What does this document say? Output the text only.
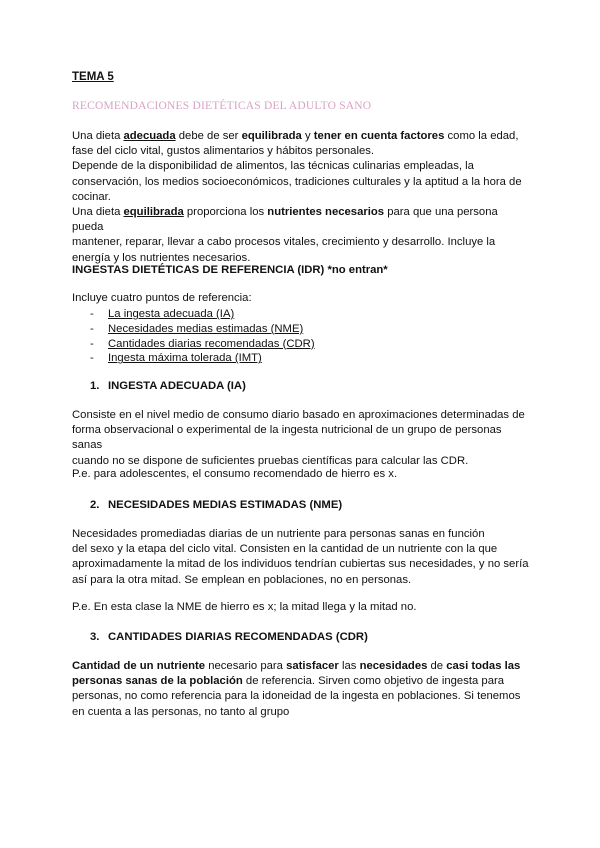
TEMA 5
RECOMENDACIONES DIETÉTICAS DEL ADULTO SANO

Una dieta adecuada debe de ser equilibrada y tener en cuenta factores como la edad,
fase del ciclo vital, gustos alimentarios y hábitos personales.
Depende de la disponibilidad de alimentos, las técnicas culinarias empleadas, la
conservación, los medios socioeconómicos, tradiciones culturales y la aptitud a la hora de
cocinar.
Una dieta equilibrada proporciona los nutrientes necesarios para que una persona pueda
mantener, reparar, llevar a cabo procesos vitales, crecimiento y desarrollo. Incluye la
energía y los nutrientes necesarios.

INGESTAS DIETÉTICAS DE REFERENCIA (IDR) *no entran*
Incluye cuatro puntos de referencia:
- La ingesta adecuada (IA)
- Necesidades medias estimadas (NME)
- Cantidades diarias recomendadas (CDR)
- Ingesta máxima tolerada (IMT)
1. INGESTA ADECUADA (IA)

Consiste en el nivel medio de consumo diario basado en aproximaciones determinadas de
forma observacional o experimental de la ingesta nutricional de un grupo de personas sanas
cuando no se dispone de suficientes pruebas científicas para calcular las CDR.

P.e. para adolescentes, el consumo recomendado de hierro es x.
2. NECESIDADES MEDIAS ESTIMADAS (NME)

Necesidades promediadas diarias de un nutriente para personas sanas en función
del sexo y la etapa del ciclo vital. Consisten en la cantidad de un nutriente con la que
aproximadamente la mitad de los individuos tendrían cubiertas sus necesidades, y no sería
así para la otra mitad. Se emplean en poblaciones, no en personas.

P.e. En esta clase la NME de hierro es x; la mitad llega y la mitad no.
3. CANTIDADES DIARIAS RECOMENDADAS (CDR)

Cantidad de un nutriente necesario para satisfacer las necesidades de casi todas las
personas sanas de la población de referencia. Sirven como objetivo de ingesta para
personas, no como referencia para la idoneidad de la ingesta en poblaciones. Si tenemos
en cuenta a las personas, no tanto al grupo
